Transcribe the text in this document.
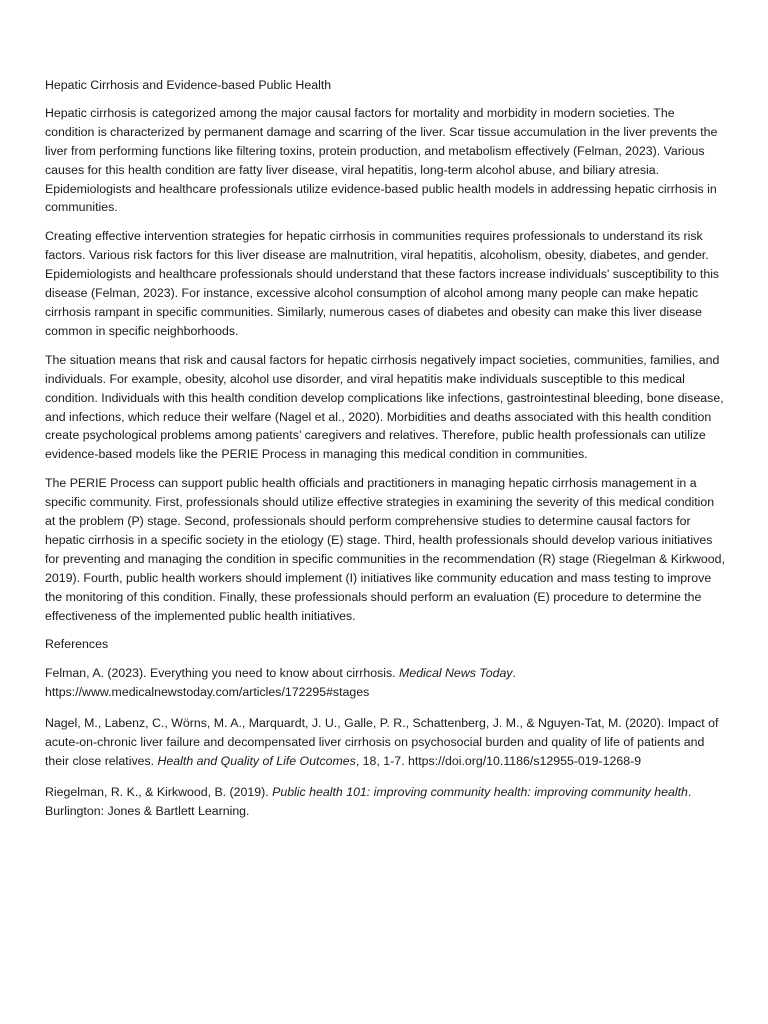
Hepatic Cirrhosis and Evidence-based Public Health

Hepatic cirrhosis is categorized among the major causal factors for mortality and morbidity in modern societies. The condition is characterized by permanent damage and scarring of the liver. Scar tissue accumulation in the liver prevents the liver from performing functions like filtering toxins, protein production, and metabolism effectively (Felman, 2023). Various causes for this health condition are fatty liver disease, viral hepatitis, long-term alcohol abuse, and biliary atresia. Epidemiologists and healthcare professionals utilize evidence-based public health models in addressing hepatic cirrhosis in communities.

Creating effective intervention strategies for hepatic cirrhosis in communities requires professionals to understand its risk factors. Various risk factors for this liver disease are malnutrition, viral hepatitis, alcoholism, obesity, diabetes, and gender. Epidemiologists and healthcare professionals should understand that these factors increase individuals' susceptibility to this disease (Felman, 2023). For instance, excessive alcohol consumption of alcohol among many people can make hepatic cirrhosis rampant in specific communities. Similarly, numerous cases of diabetes and obesity can make this liver disease common in specific neighborhoods.

The situation means that risk and causal factors for hepatic cirrhosis negatively impact societies, communities, families, and individuals. For example, obesity, alcohol use disorder, and viral hepatitis make individuals susceptible to this medical condition. Individuals with this health condition develop complications like infections, gastrointestinal bleeding, bone disease, and infections, which reduce their welfare (Nagel et al., 2020). Morbidities and deaths associated with this health condition create psychological problems among patients’ caregivers and relatives. Therefore, public health professionals can utilize evidence-based models like the PERIE Process in managing this medical condition in communities.

The PERIE Process can support public health officials and practitioners in managing hepatic cirrhosis management in a specific community. First, professionals should utilize effective strategies in examining the severity of this medical condition at the problem (P) stage. Second, professionals should perform comprehensive studies to determine causal factors for hepatic cirrhosis in a specific society in the etiology (E) stage. Third, health professionals should develop various initiatives for preventing and managing the condition in specific communities in the recommendation (R) stage (Riegelman & Kirkwood, 2019). Fourth, public health workers should implement (I) initiatives like community education and mass testing to improve the monitoring of this condition. Finally, these professionals should perform an evaluation (E) procedure to determine the effectiveness of the implemented public health initiatives.

References

Felman, A. (2023). Everything you need to know about cirrhosis. Medical News Today. https://www.medicalnewstoday.com/articles/172295#stages

Nagel, M., Labenz, C., Wörns, M. A., Marquardt, J. U., Galle, P. R., Schattenberg, J. M., & Nguyen-Tat, M. (2020). Impact of acute-on-chronic liver failure and decompensated liver cirrhosis on psychosocial burden and quality of life of patients and their close relatives. Health and Quality of Life Outcomes, 18, 1-7. https://doi.org/10.1186/s12955-019-1268-9

Riegelman, R. K., & Kirkwood, B. (2019). Public health 101: improving community health: improving community health. Burlington: Jones & Bartlett Learning.
